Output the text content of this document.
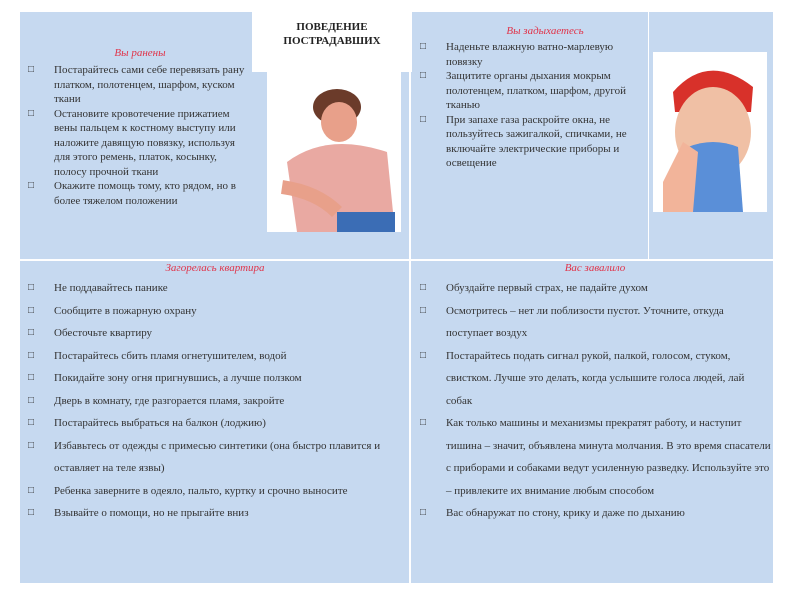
ПОВЕДЕНИЕ ПОСТРАДАВШИХ
Вы ранены
□ Постарайтесь сами себе перевязать рану платком, полотенцем, шарфом, куском ткани
□ Остановите кровотечение прижатием вены пальцем к костному выступу или наложите давящую повязку, используя для этого ремень, платок, косынку, полосу прочной ткани
□ Окажите помощь тому, кто рядом, но в более тяжелом положении
Вы задыхаетесь
□ Наденьте влажную ватно-марлевую повязку
□ Защитите органы дыхания мокрым полотенцем, платком, шарфом, другой тканью
□ При запахе газа раскройте окна, не пользуйтесь зажигалкой, спичками, не включайте электрические приборы и освещение
Загорелась квартира
□ Не поддавайтесь панике
□ Сообщите в пожарную охрану
□ Обесточьте квартиру
□ Постарайтесь сбить пламя огнетушителем, водой
□ Покидайте зону огня пригнувшись, а лучше ползком
□ Дверь в комнату, где разгорается пламя, закройте
□ Постарайтесь выбраться на балкон (лоджию)
□ Избавьтесь от одежды с примесью синтетики (она быстро плавится и оставляет на теле язвы)
□ Ребенка заверните в одеяло, пальто, куртку и срочно выносите
□ Взывайте о помощи, но не прыгайте вниз
Вас завалило
□ Обуздайте первый страх, не падайте духом
□ Осмотритесь – нет ли поблизости пустот. Уточните, откуда поступает воздух
□ Постарайтесь подать сигнал рукой, палкой, голосом, стуком, свистком. Лучше это делать, когда услышите голоса людей, лай собак
□ Как только машины и механизмы прекратят работу, и наступит тишина – значит, объявлена минута молчания. В это время спасатели с приборами и собаками ведут усиленную разведку. Используйте это – привлеките их внимание любым способом
□ Вас обнаружат по стону, крику и даже по дыханию
